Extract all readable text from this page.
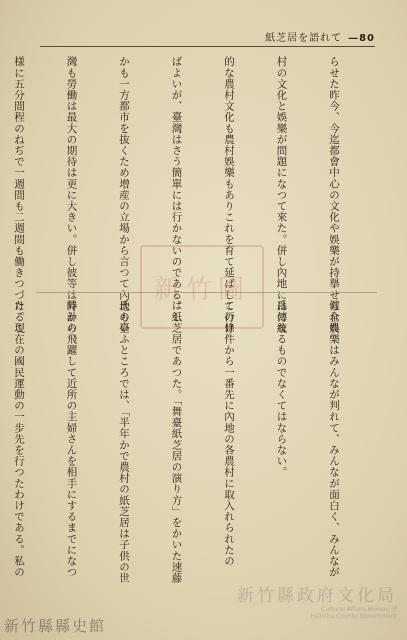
紙芝居を語れて —80

らせた昨今、今迄都會中心の文化や娛樂が持擧せられ農

村の文化と娛樂が問題になつて來た。併し內地には傳統

的な農村文化も農村娛樂もありこれを育て延ばして行け

ばよいが、臺灣はさう簡單には行かないのである。し

かも一方都市を抜くため增産の立場から言つて內地も臺

灣も勞働は最大の期待は更に大きい。併し彼等は時計の

様に五分間程のねぢで一週間も二週間も働きつづけるこ

健全娛樂はみんなが判れて、みんなが面白く、みんなが

爲になるものでなくてはならない。

この條件から一番先に內地の各農村に取入れられたの

は紙芝居であつた。「舞臺紙芝居の演り方」をかいた速藤

氏のいふところでは、「半年かで農村の紙芝居は子供の世

界から飛躍して近所の主婦さんを相手にするまでになつ

た。現在の國民運動の一步先を行つたわけである。私の

新竹圖
新竹縣政府文化局
Cultural Affairs Bureau of
Hsinchu County Government
新竹縣縣史館
